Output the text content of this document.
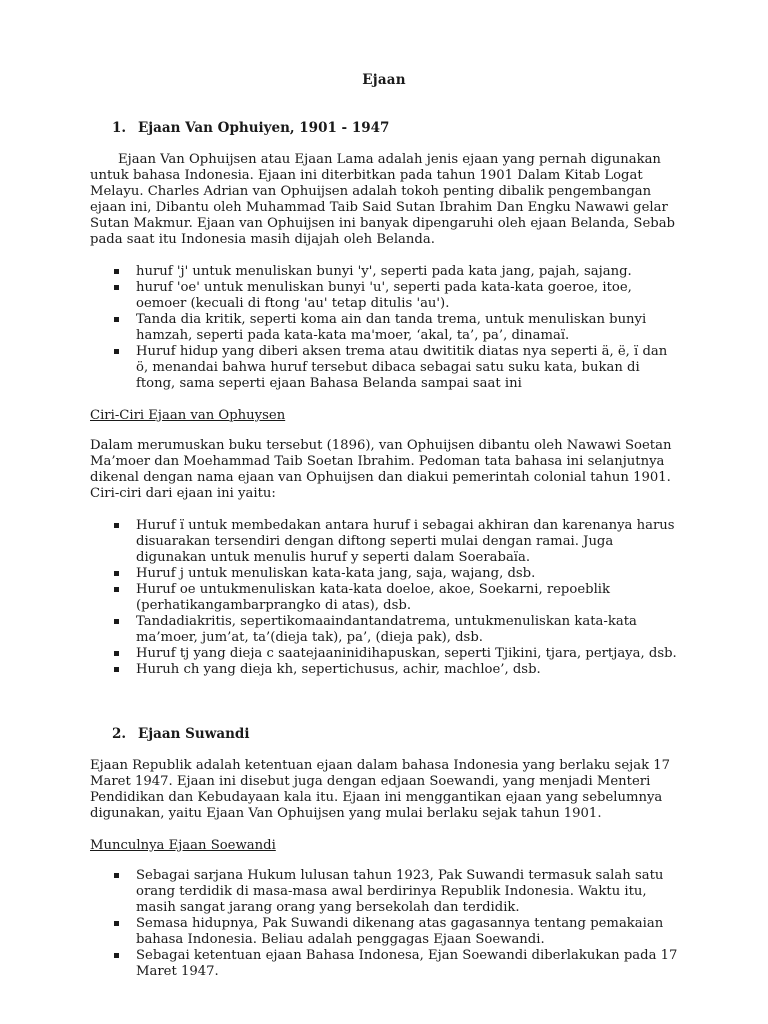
Ejaan
1. Ejaan Van Ophuiyen, 1901 - 1947

Ejaan Van Ophuijsen atau Ejaan Lama adalah jenis ejaan yang pernah digunakan untuk bahasa Indonesia. Ejaan ini diterbitkan pada tahun 1901 Dalam Kitab Logat Melayu. Charles Adrian van Ophuijsen adalah tokoh penting dibalik pengembangan ejaan ini, Dibantu oleh Muhammad Taib Said Sutan Ibrahim Dan Engku Nawawi gelar Sutan Makmur. Ejaan van Ophuijsen ini banyak dipengaruhi oleh ejaan Belanda, Sebab pada saat itu Indonesia masih dijajah oleh Belanda.

huruf 'j' untuk menuliskan bunyi 'y', seperti pada kata jang, pajah, sajang.
huruf 'oe' untuk menuliskan bunyi 'u', seperti pada kata-kata goeroe, itoe, oemoer (kecuali di ftong 'au' tetap ditulis 'au').
Tanda dia kritik, seperti koma ain dan tanda trema, untuk menuliskan bunyi hamzah, seperti pada kata-kata ma'moer, ‘akal, ta’, pa’, dinamaï.
Huruf hidup yang diberi aksen trema atau dwititik diatas nya seperti ä, ë, ï dan ö, menandai bahwa huruf tersebut dibaca sebagai satu suku kata, bukan di ftong, sama seperti ejaan Bahasa Belanda sampai saat ini

Ciri-Ciri Ejaan van Ophuysen

Dalam merumuskan buku tersebut (1896), van Ophuijsen dibantu oleh Nawawi Soetan Ma’moer dan Moehammad Taib Soetan Ibrahim. Pedoman tata bahasa ini selanjutnya dikenal dengan nama ejaan van Ophuijsen dan diakui pemerintah colonial tahun 1901. Ciri-ciri dari ejaan ini yaitu:

Huruf ï untuk membedakan antara huruf i sebagai akhiran dan karenanya harus disuarakan tersendiri dengan diftong seperti mulai dengan ramai. Juga digunakan untuk menulis huruf y seperti dalam Soerabaïa.
Huruf j untuk menuliskan kata-kata jang, saja, wajang, dsb.
Huruf oe untukmenuliskan kata-kata doeloe, akoe, Soekarni, repoeblik (perhatikangambarprangko di atas), dsb.
Tandadiakritis, sepertikomaaindantandatrema, untukmenuliskan kata-kata ma’moer, jum’at, ta’(dieja tak), pa’, (dieja pak), dsb.
Huruf tj yang dieja c saatejaaninidihapuskan, seperti Tjikini, tjara, pertjaya, dsb.
Huruh ch yang dieja kh, sepertichusus, achir, machloe’, dsb.
2. Ejaan Suwandi

Ejaan Republik adalah ketentuan ejaan dalam bahasa Indonesia yang berlaku sejak 17 Maret 1947. Ejaan ini disebut juga dengan edjaan Soewandi, yang menjadi Menteri Pendidikan dan Kebudayaan kala itu. Ejaan ini menggantikan ejaan yang sebelumnya digunakan, yaitu Ejaan Van Ophuijsen yang mulai berlaku sejak tahun 1901.

Munculnya Ejaan Soewandi

Sebagai sarjana Hukum lulusan tahun 1923, Pak Suwandi termasuk salah satu orang terdidik di masa-masa awal berdirinya Republik Indonesia. Waktu itu, masih sangat jarang orang yang bersekolah dan terdidik.
Semasa hidupnya, Pak Suwandi dikenang atas gagasannya tentang pemakaian bahasa Indonesia. Beliau adalah penggagas Ejaan Soewandi.
Sebagai ketentuan ejaan Bahasa Indonesa, Ejan Soewandi diberlakukan pada 17 Maret 1947.
